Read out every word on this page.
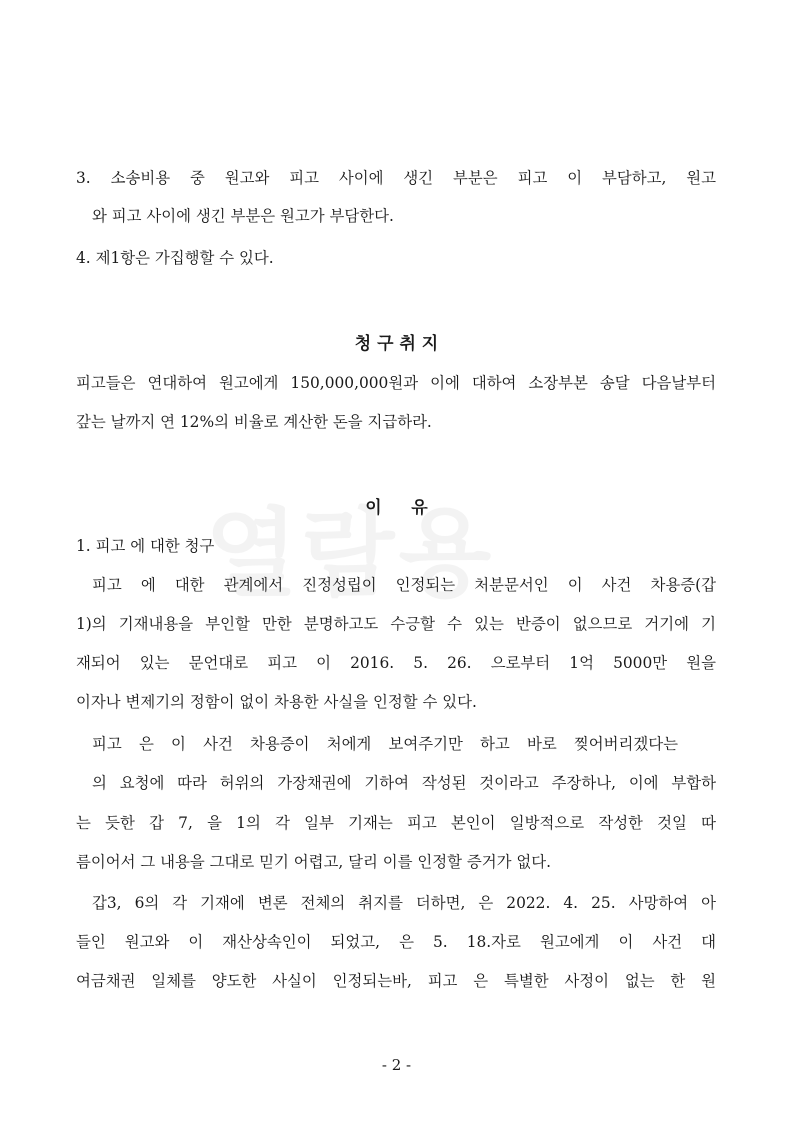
3. 소송비용 중 원고와 피고 사이에 생긴 부분은 피고 이 부담하고, 원고
와 피고 사이에 생긴 부분은 원고가 부담한다.
4. 제1항은 가집행할 수 있다.
청 구 취 지
피고들은 연대하여 원고에게 150,000,000원과 이에 대하여 소장부본 송달 다음날부터
갚는 날까지 연 12%의 비율로 계산한 돈을 지급하라.
이     유
1. 피고 에 대한 청구
피고 에 대한 관계에서 진정성립이 인정되는 처분문서인 이 사건 차용증(갑
1)의 기재내용을 부인할 만한 분명하고도 수긍할 수 있는 반증이 없으므로 거기에 기
재되어 있는 문언대로 피고 이 2016. 5. 26. 으로부터 1억 5000만 원을
이자나 변제기의 정함이 없이 차용한 사실을 인정할 수 있다.
피고 은 이 사건 차용증이 처에게 보여주기만 하고 바로 찢어버리겠다는
의 요청에 따라 허위의 가장채권에 기하여 작성된 것이라고 주장하나, 이에 부합하
는 듯한 갑 7, 을 1의 각 일부 기재는 피고 본인이 일방적으로 작성한 것일 따
름이어서 그 내용을 그대로 믿기 어렵고, 달리 이를 인정할 증거가 없다.
갑3, 6의 각 기재에 변론 전체의 취지를 더하면, 은 2022. 4. 25. 사망하여 아
들인 원고와 이 재산상속인이 되었고, 은 5. 18.자로 원고에게 이 사건 대
여금채권 일체를 양도한 사실이 인정되는바, 피고 은 특별한 사정이 없는 한 원
- 2 -
